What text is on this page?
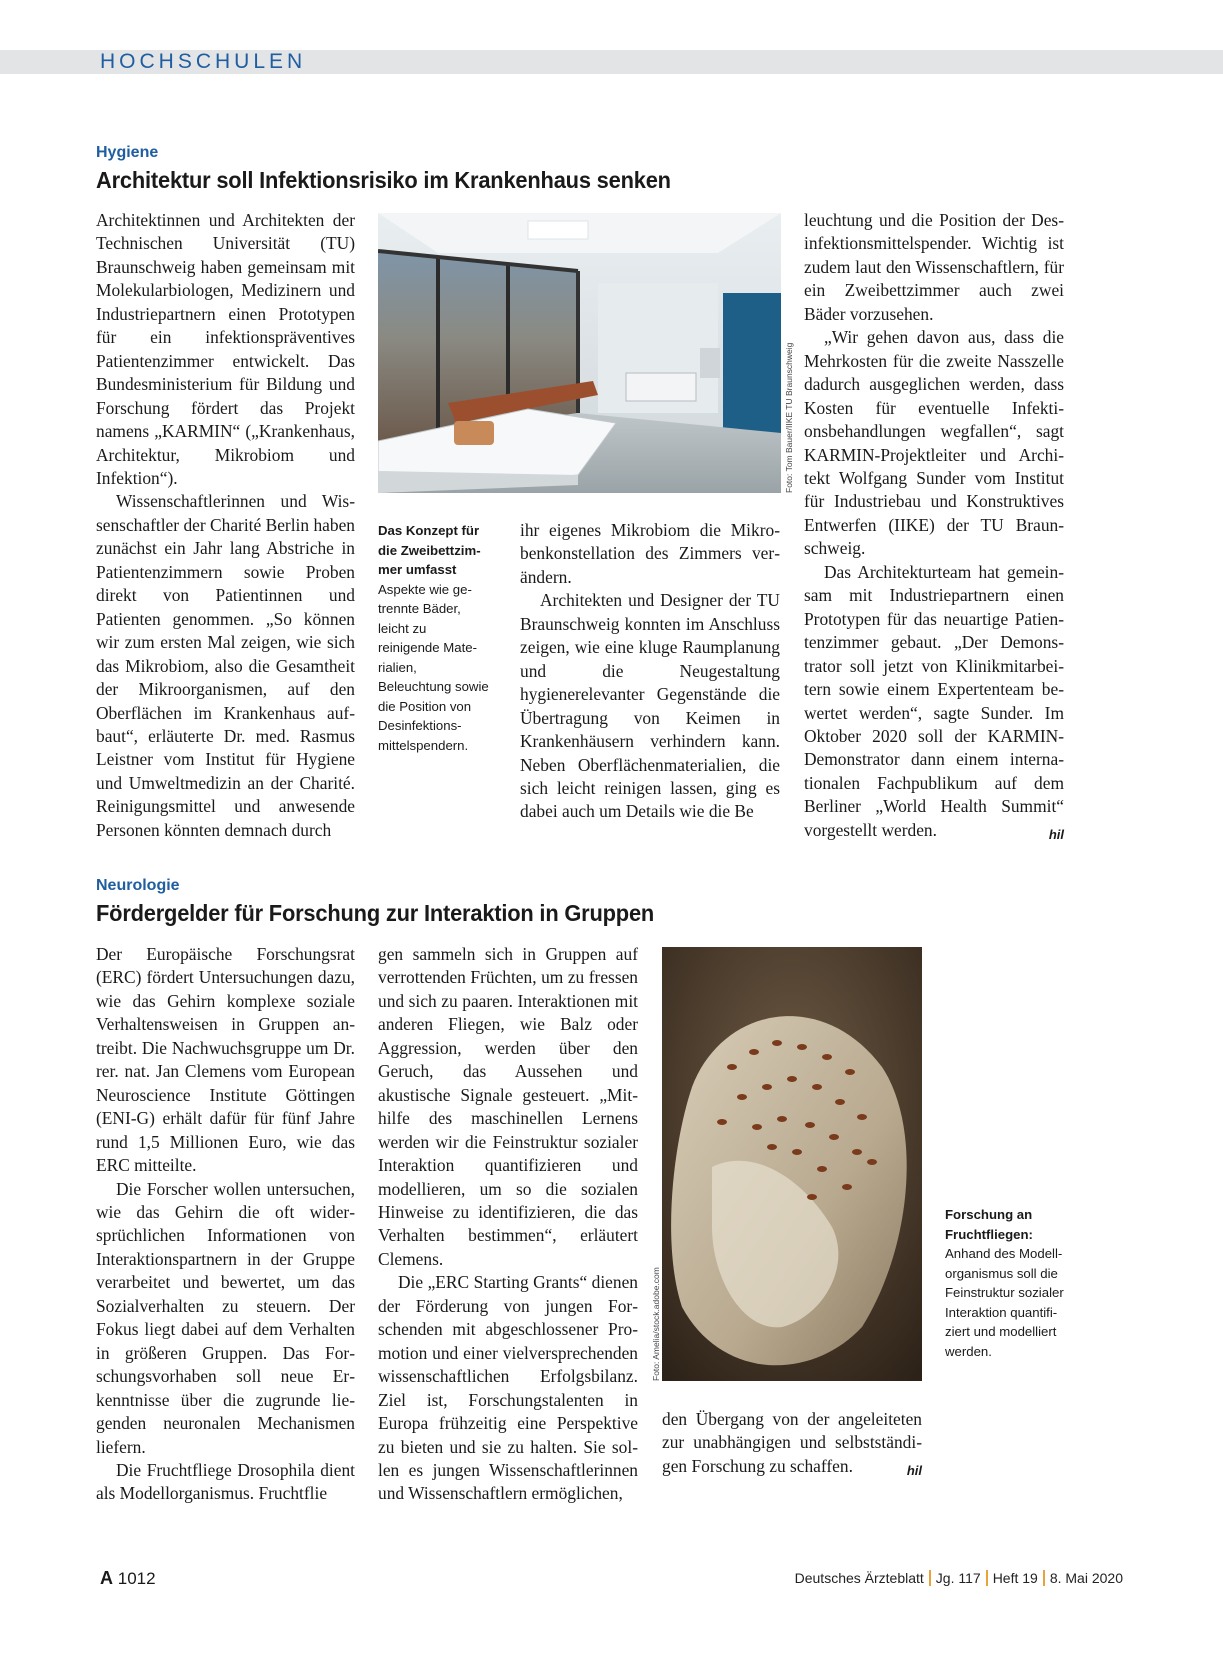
HOCHSCHULEN
Hygiene
Architektur soll Infektionsrisiko im Krankenhaus senken

Architektinnen und Architekten der Technischen Universität (TU) Braunschweig haben gemeinsam mit Molekularbiologen, Medizinern und Industriepartnern einen Prototypen für ein infektionspräventives Patientenzimmer entwickelt. Das Bundesministerium für Bildung und Forschung fördert das Projekt namens „KARMIN“ („Krankenhaus, Architektur, Mikrobiom und Infektion“).

Wissenschaftlerinnen und Wissenschaftler der Charité Berlin haben zunächst ein Jahr lang Abstriche in Patientenzimmern sowie Proben direkt von Patientinnen und Patienten genommen. „So können wir zum ersten Mal zeigen, wie sich das Mikrobiom, also die Gesamtheit der Mikroorganismen, auf den Oberflächen im Krankenhaus aufbaut“, erläuterte Dr. med. Rasmus Leistner vom Institut für Hygiene und Umweltmedizin an der Charité. Reinigungsmittel und anwesende Personen könnten demnach durch

Foto: Tom Bauer/IIKE TU Braunschweig
Das Konzept für die Zweibettzimmer umfasst
Aspekte wie getrennte Bäder, leicht zu reinigende Materialien, Beleuchtung sowie die Position von Desinfektionsmittelspendern.

ihr eigenes Mikrobiom die Mikrobenkonstellation des Zimmers verändern.

Architekten und Designer der TU Braunschweig konnten im Anschluss zeigen, wie eine kluge Raumplanung und die Neugestaltung hygienerelevanter Gegenstände die Übertragung von Keimen in Krankenhäusern verhindern kann. Neben Oberflächenmaterialien, die sich leicht reinigen lassen, ging es dabei auch um Details wie die Be

leuchtung und die Position der Desinfektionsmittelspender. Wichtig ist zudem laut den Wissenschaftlern, für ein Zweibettzimmer auch zwei Bäder vorzusehen.

„Wir gehen davon aus, dass die Mehrkosten für die zweite Nasszelle dadurch ausgeglichen werden, dass Kosten für eventuelle Infektionsbehandlungen wegfallen“, sagt KARMIN-Projektleiter und Architekt Wolfgang Sunder vom Institut für Industriebau und Konstruktives Entwerfen (IIKE) der TU Braunschweig.

Das Architekturteam hat gemeinsam mit Industriepartnern einen Prototypen für das neuartige Patientenzimmer gebaut. „Der Demonstrator soll jetzt von Klinikmitarbeitern sowie einem Expertenteam bewertet werden“, sagte Sunder. Im Oktober 2020 soll der KARMIN-Demonstrator dann einem internationalen Fachpublikum auf dem Berliner „World Health Summit“ vorgestellt werden.	hil

Neurologie
Fördergelder für Forschung zur Interaktion in Gruppen

Der Europäische Forschungsrat (ERC) fördert Untersuchungen dazu, wie das Gehirn komplexe soziale Verhaltensweisen in Gruppen antreibt. Die Nachwuchsgruppe um Dr. rer. nat. Jan Clemens vom European Neuroscience Institute Göttingen (ENI-G) erhält dafür für fünf Jahre rund 1,5 Millionen Euro, wie das ERC mitteilte.

Die Forscher wollen untersuchen, wie das Gehirn die oft widersprüchlichen Informationen von Interaktionspartnern in der Gruppe verarbeitet und bewertet, um das Sozialverhalten zu steuern. Der Fokus liegt dabei auf dem Verhalten in größeren Gruppen. Das Forschungsvorhaben soll neue Erkenntnisse über die zugrunde liegenden neuronalen Mechanismen liefern.

Die Fruchtfliege Drosophila dient als Modellorganismus. Fruchtflie

gen sammeln sich in Gruppen auf verrottenden Früchten, um zu fressen und sich zu paaren. Interaktionen mit anderen Fliegen, wie Balz oder Aggression, werden über den Geruch, das Aussehen und akustische Signale gesteuert. „Mithilfe des maschinellen Lernens werden wir die Feinstruktur sozialer Interaktion quantifizieren und modellieren, um so die sozialen Hinweise zu identifizieren, die das Verhalten bestimmen“, erläutert Clemens.

Die „ERC Starting Grants“ dienen der Förderung von jungen Forschenden mit abgeschlossener Promotion und einer vielversprechenden wissenschaftlichen Erfolgsbilanz. Ziel ist, Forschungstalenten in Europa frühzeitig eine Perspektive zu bieten und sie zu halten. Sie sollen es jungen Wissenschaftlerinnen und Wissenschaftlern ermöglichen,

Foto: Amelia/stock.adobe.com
Forschung an Fruchtfliegen:
Anhand des Modellorganismus soll die Feinstruktur sozialer Interaktion quantifiziert und modelliert werden.

den Übergang von der angeleiteten zur unabhängigen und selbstständigen Forschung zu schaffen.	hil

A 1012	Deutsches Ärzteblatt Jg. 117 Heft 19 8. Mai 2020
